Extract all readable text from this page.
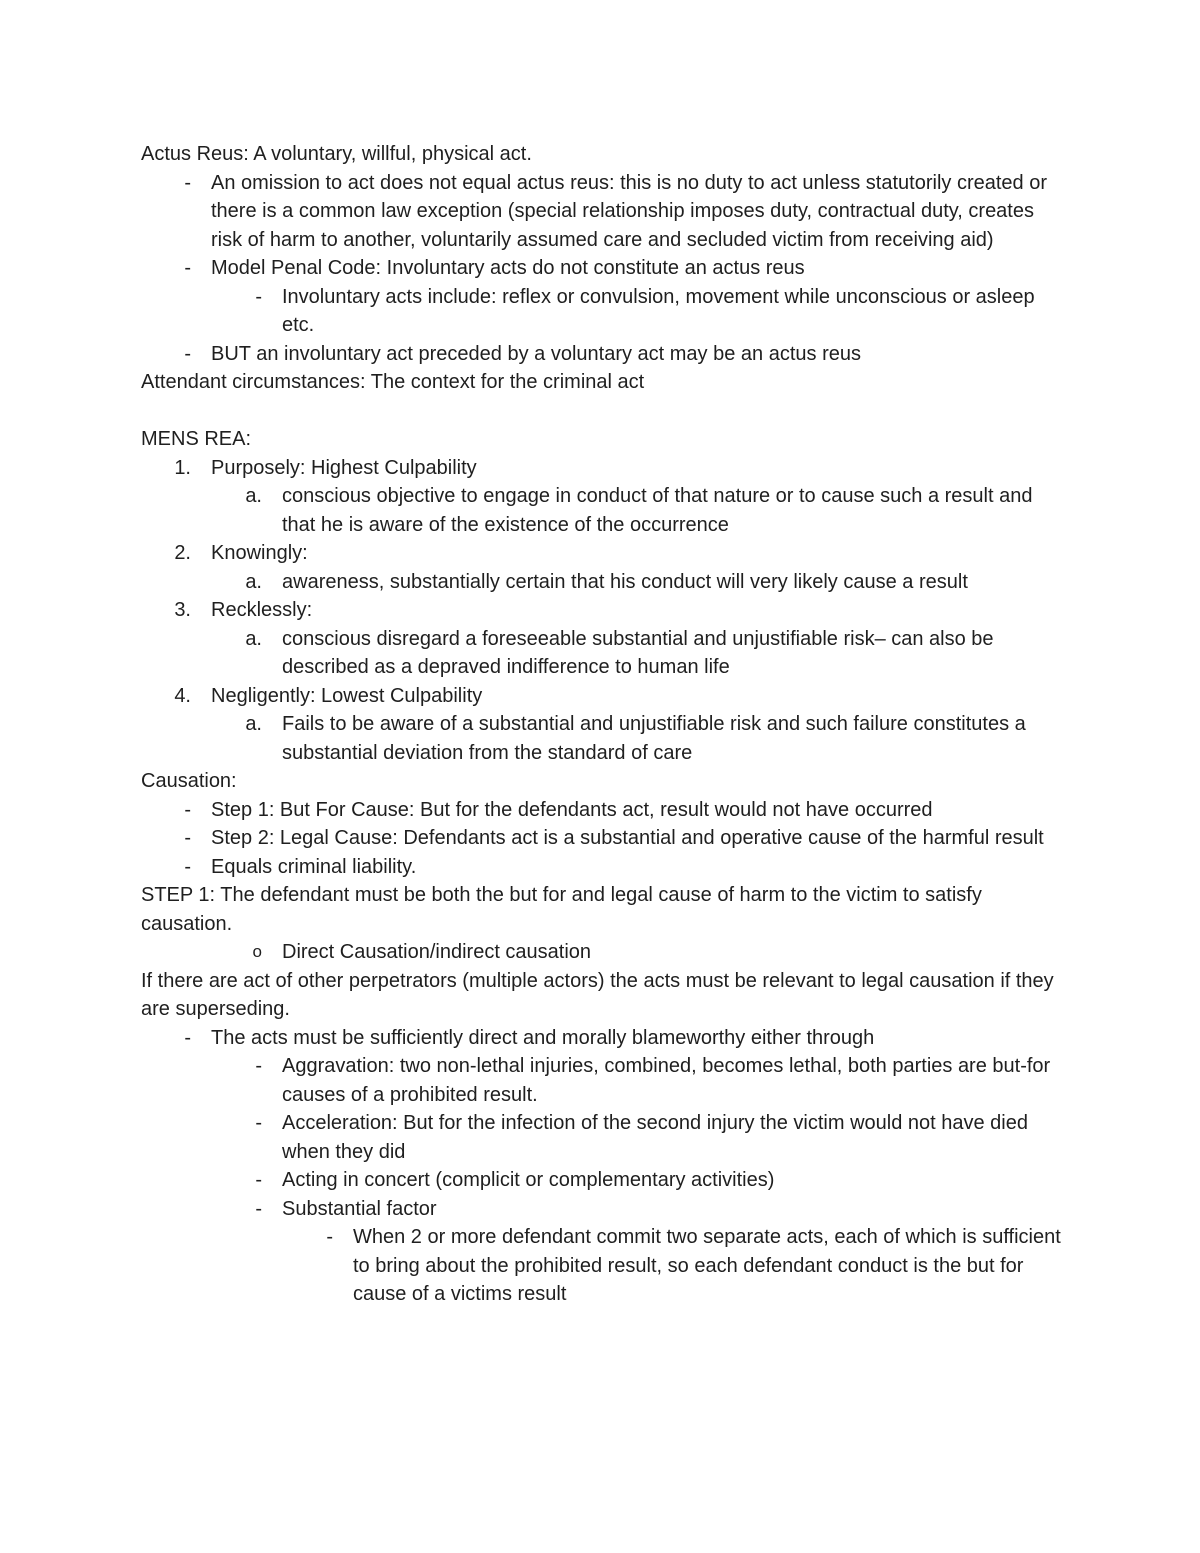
Actus Reus: A voluntary, willful, physical act.
- An omission to act does not equal actus reus: this is no duty to act unless statutorily created or there is a common law exception (special relationship imposes duty, contractual duty, creates risk of harm to another, voluntarily assumed care and secluded victim from receiving aid)
- Model Penal Code: Involuntary acts do not constitute an actus reus
- Involuntary acts include: reflex or convulsion, movement while unconscious or asleep etc.
- BUT an involuntary act preceded by a voluntary act may be an actus reus
Attendant circumstances: The context for the criminal act
MENS REA:
1. Purposely: Highest Culpability
a. conscious objective to engage in conduct of that nature or to cause such a result and that he is aware of the existence of the occurrence
2. Knowingly:
a. awareness, substantially certain that his conduct will very likely cause a result
3. Recklessly:
a. conscious disregard a foreseeable substantial and unjustifiable risk– can also be described as a depraved indifference to human life
4. Negligently: Lowest Culpability
a. Fails to be aware of a substantial and unjustifiable risk and such failure constitutes a substantial deviation from the standard of care
Causation:
- Step 1: But For Cause: But for the defendants act, result would not have occurred
- Step 2: Legal Cause: Defendants act is a substantial and operative cause of the harmful result
- Equals criminal liability.
STEP 1: The defendant must be both the but for and legal cause of harm to the victim to satisfy causation.
o Direct Causation/indirect causation
If there are act of other perpetrators (multiple actors) the acts must be relevant to legal causation if they are superseding.
- The acts must be sufficiently direct and morally blameworthy either through
- Aggravation: two non-lethal injuries, combined, becomes lethal, both parties are but-for causes of a prohibited result.
- Acceleration: But for the infection of the second injury the victim would not have died when they did
- Acting in concert (complicit or complementary activities)
- Substantial factor
- When 2 or more defendant commit two separate acts, each of which is sufficient to bring about the prohibited result, so each defendant conduct is the but for cause of a victims result
